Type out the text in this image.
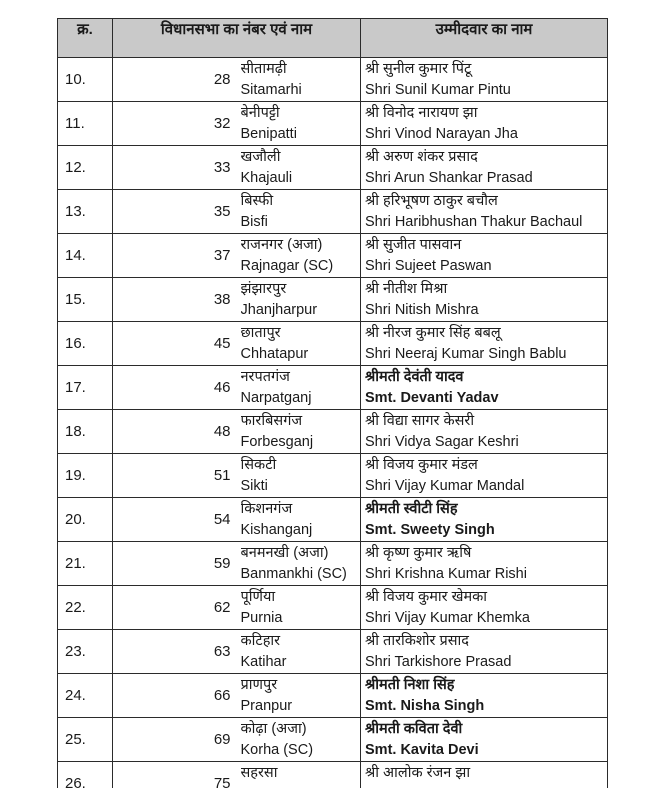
क्र.	विधानसभा का नंबर एवं नाम		उम्मीदवार का नाम
10.	28	सीतामढ़ी
Sitamarhi	श्री सुनील कुमार पिंटू
Shri Sunil Kumar Pintu

11.	32	बेनीपट्टी
Benipatti	श्री विनोद नारायण झा
Shri Vinod Narayan Jha

12.	33	खजौली
Khajauli	श्री अरुण शंकर प्रसाद
Shri Arun Shankar Prasad

13.	35	बिस्फी
Bisfi	श्री हरिभूषण ठाकुर बचौल
Shri Haribhushan Thakur Bachaul

14.	37	राजनगर (अजा)
Rajnagar (SC)	श्री सुजीत पासवान
Shri Sujeet Paswan

15.	38	झंझारपुर
Jhanjharpur	श्री नीतीश मिश्रा
Shri Nitish Mishra

16.	45	छातापुर
Chhatapur	श्री नीरज कुमार सिंह बबलू
Shri Neeraj Kumar Singh Bablu

17.	46	नरपतगंज
Narpatganj	श्रीमती देवंती यादव
Smt. Devanti Yadav

18.	48	फारबिसगंज
Forbesganj	श्री विद्या सागर केसरी
Shri Vidya Sagar Keshri

19.	51	सिकटी
Sikti	श्री विजय कुमार मंडल
Shri Vijay Kumar Mandal

20.	54	किशनगंज
Kishanganj	श्रीमती स्वीटी सिंह
Smt. Sweety Singh

21.	59	बनमनखी (अजा)
Banmankhi (SC)	श्री कृष्ण कुमार ऋषि
Shri Krishna Kumar Rishi

22.	62	पूर्णिया
Purnia	श्री विजय कुमार खेमका
Shri Vijay Kumar Khemka

23.	63	कटिहार
Katihar	श्री तारकिशोर प्रसाद
Shri Tarkishore Prasad

24.	66	प्राणपुर
Pranpur	श्रीमती निशा सिंह
Smt. Nisha Singh

25.	69	कोढ़ा (अजा)
Korha (SC)	श्रीमती कविता देवी
Smt. Kavita Devi

26.	75	सहरसा	श्री आलोक रंजन झा
